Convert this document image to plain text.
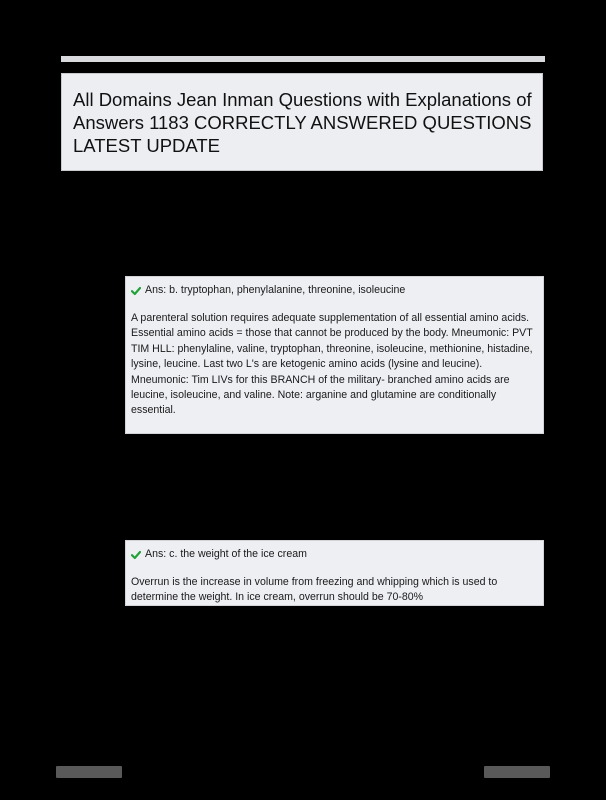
All Domains Jean Inman Questions with Explanations of Answers 1183 CORRECTLY ANSWERED QUESTIONS LATEST UPDATE
Ans: b. tryptophan, phenylalanine, threonine, isoleucine
A parenteral solution requires adequate supplementation of all essential amino acids.
Essential amino acids = those that cannot be produced by the body. Mneumonic: PVT TIM HLL: phenylaline, valine, tryptophan, threonine, isoleucine, methionine, histadine, lysine, leucine. Last two L's are ketogenic amino acids (lysine and leucine). Mneumonic: Tim LIVs for this BRANCH of the military- branched amino acids are leucine, isoleucine, and valine. Note: arganine and glutamine are conditionally essential.
Ans: c. the weight of the ice cream
Overrun is the increase in volume from freezing and whipping which is used to determine the weight. In ice cream, overrun should be 70-80%
